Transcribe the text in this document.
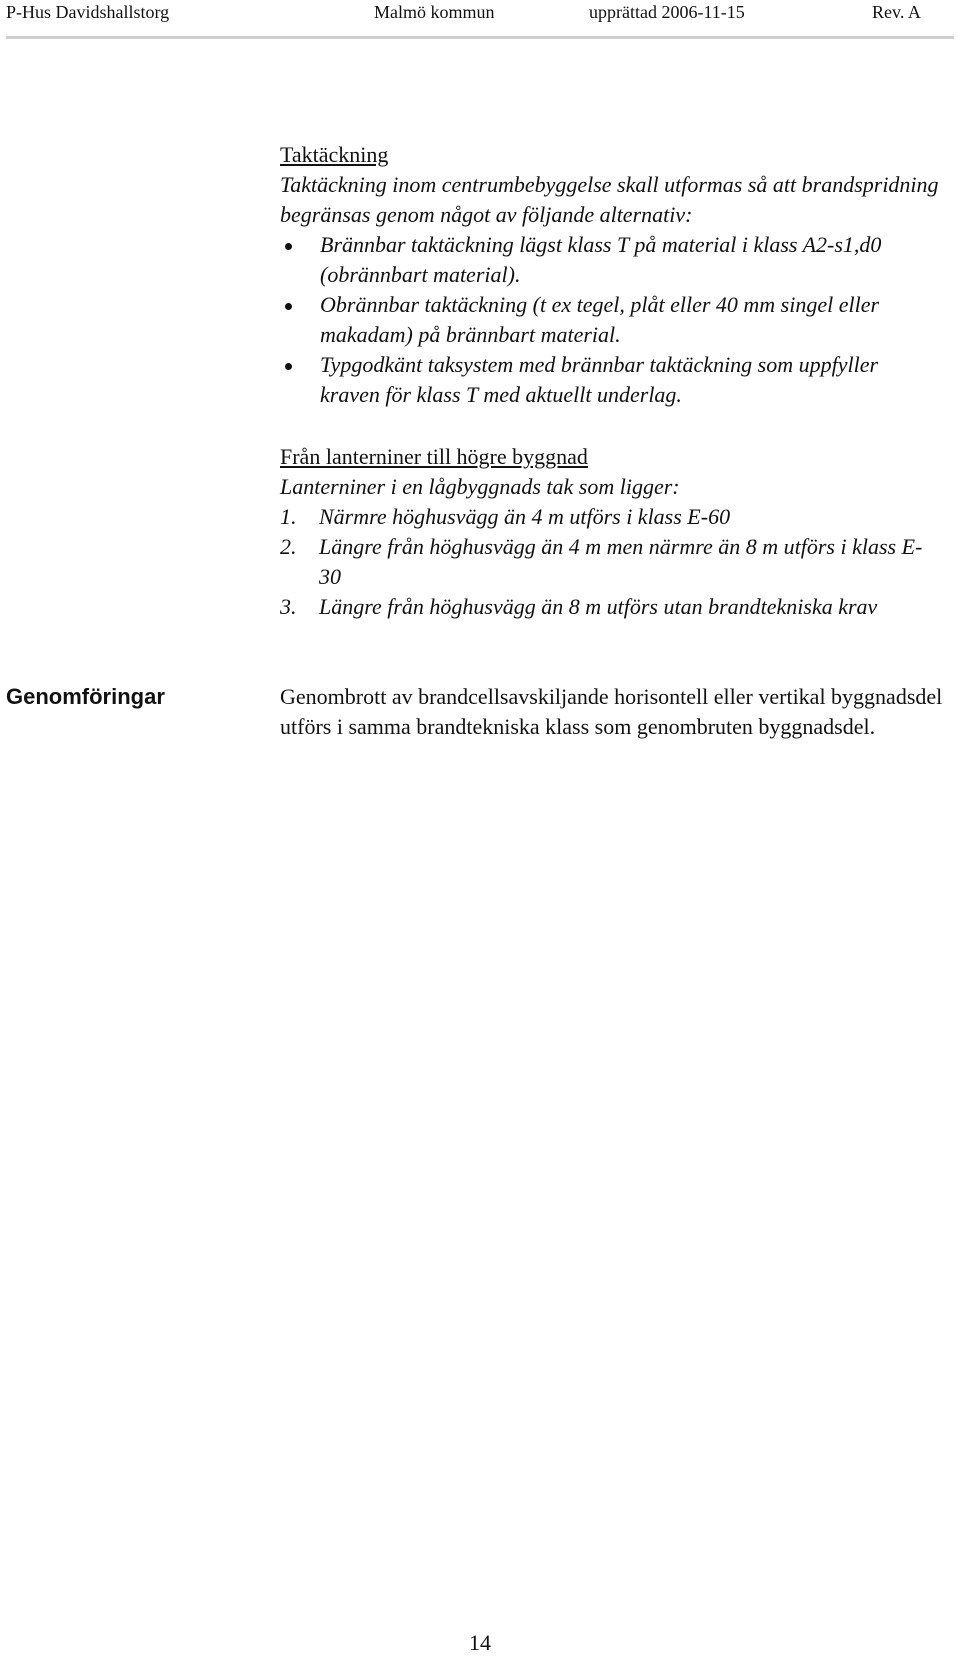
P-Hus Davidshallstorg	Malmö kommun	upprättad 2006-11-15	Rev. A
Taktäckning
Taktäckning inom centrumbebyggelse skall utformas så att brandspridning begränsas genom något av följande alternativ:
Brännbar taktäckning lägst klass T på material i klass A2-s1,d0 (obrännbart material).
Obrännbar taktäckning (t ex tegel, plåt eller 40 mm singel eller makadam) på brännbart material.
Typgodkänt taksystem med brännbar taktäckning som uppfyller kraven för klass T med aktuellt underlag.
Från lanterniner till högre byggnad
Lanterniner i en lågbyggnads tak som ligger:
1. Närmre höghusvägg än 4 m utförs i klass E-60
2. Längre från höghusvägg än 4 m men närmre än 8 m utförs i klass E-30
3. Längre från höghusvägg än 8 m utförs utan brandtekniska krav
Genomföringar	Genombrott av brandcellsavskiljande horisontell eller vertikal byggnadsdel utförs i samma brandtekniska klass som genombruten byggnadsdel.
14
